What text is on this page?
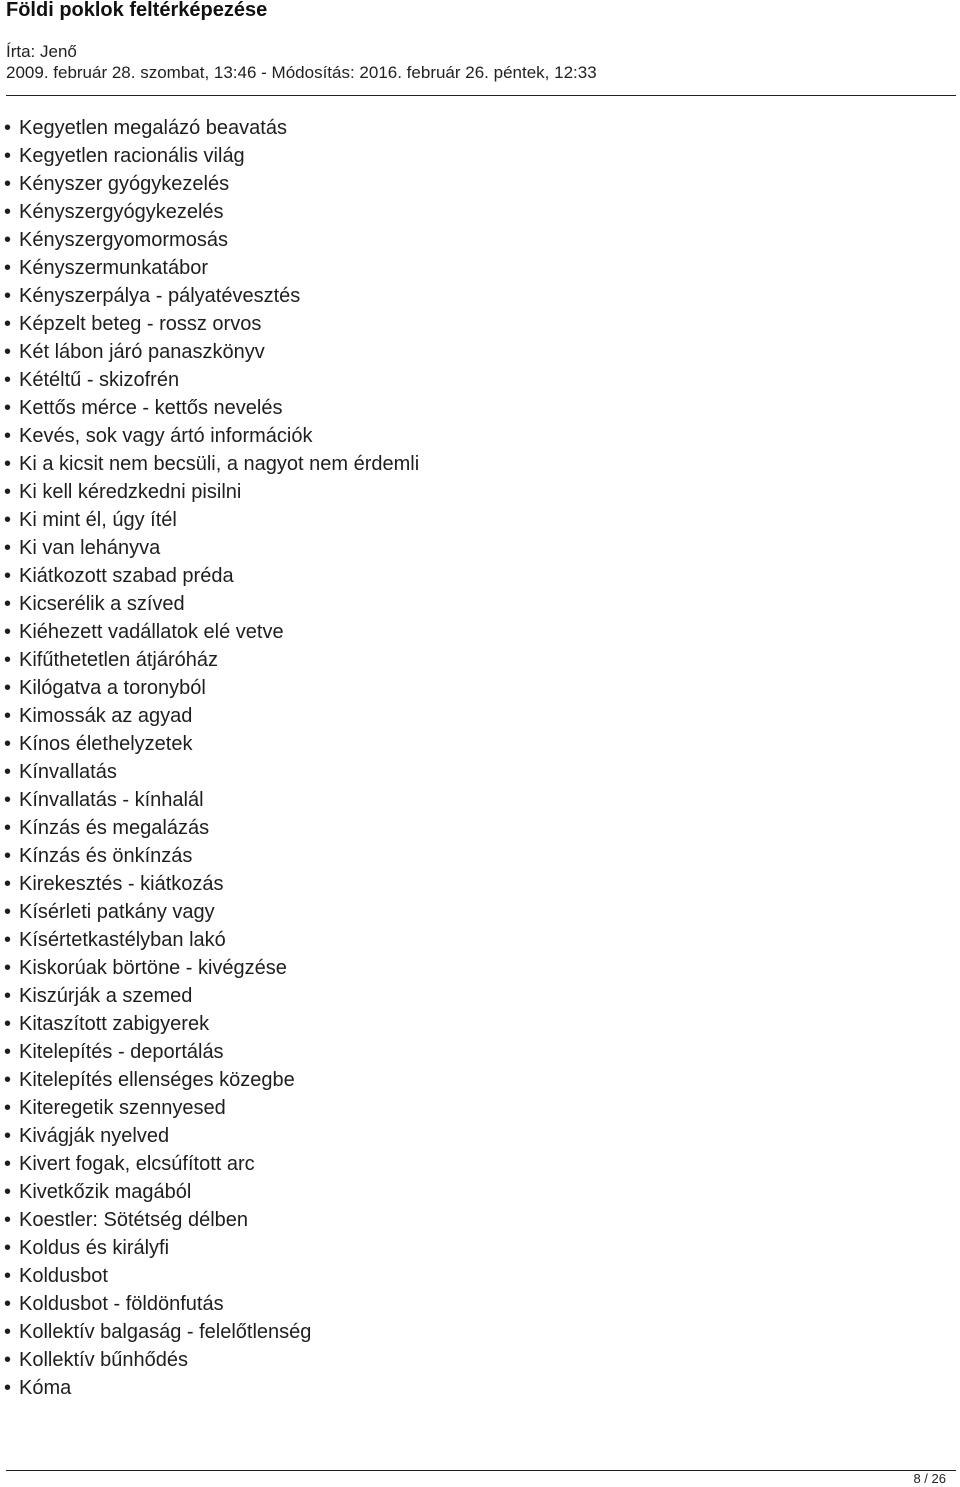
Földi poklok feltérképezése
Írta: Jenő
2009. február 28. szombat, 13:46 - Módosítás: 2016. február 26. péntek, 12:33
• Kegyetlen megalázó beavatás
• Kegyetlen racionális világ
• Kényszer gyógykezelés
• Kényszergyógykezelés
• Kényszergyomormosás
• Kényszermunkatábor
• Kényszerpálya - pályatévesztés
• Képzelt beteg - rossz orvos
• Két lábon járó panaszkönyv
• Kétéltű - skizofrén
• Kettős mérce - kettős nevelés
• Kevés, sok vagy ártó információk
• Ki a kicsit nem becsüli, a nagyot nem érdemli
• Ki kell kéredzkedni pisilni
• Ki mint él, úgy ítél
• Ki van lehányva
• Kiátkozott szabad préda
• Kicserélik a szíved
• Kiéhezett vadállatok elé vetve
• Kifűthetetlen átjáróház
• Kilógatva a toronyból
• Kimossák az agyad
• Kínos élethelyzetek
• Kínvallatás
• Kínvallatás - kínhalál
• Kínzás és megalázás
• Kínzás és önkínzás
• Kirekesztés - kiátkozás
• Kísérleti patkány vagy
• Kísértetkastélyban lakó
• Kiskorúak börtöne - kivégzése
• Kiszúrják a szemed
• Kitaszított zabigyerek
• Kitelepítés - deportálás
• Kitelepítés ellenséges közegbe
• Kiteregetik szennyesed
• Kivágják nyelved
• Kivert fogak, elcsúfított arc
• Kivetkőzik magából
• Koestler: Sötétség délben
• Koldus és királyfi
• Koldusbot
• Koldusbot - földönfutás
• Kollektív balgaság - felelőtlenség
• Kollektív bűnhődés
• Kóma
8 / 26
